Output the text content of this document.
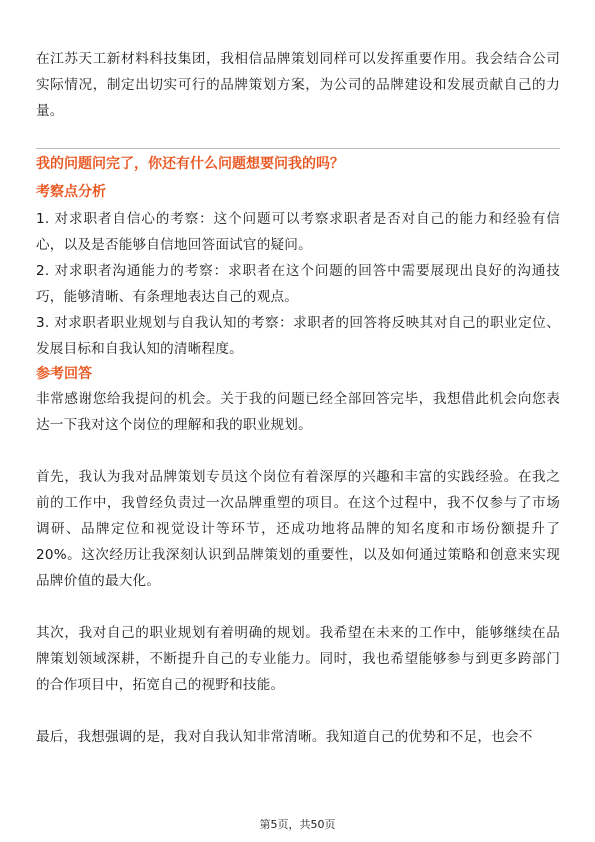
在江苏天工新材料科技集团，我相信品牌策划同样可以发挥重要作用。我会结合公司实际情况，制定出切实可行的品牌策划方案，为公司的品牌建设和发展贡献自己的力量。

我的问题问完了，你还有什么问题想要问我的吗？

考察点分析

1. 对求职者自信心的考察：这个问题可以考察求职者是否对自己的能力和经验有信心，以及是否能够自信地回答面试官的疑问。

2. 对求职者沟通能力的考察：求职者在这个问题的回答中需要展现出良好的沟通技巧，能够清晰、有条理地表达自己的观点。

3. 对求职者职业规划与自我认知的考察：求职者的回答将反映其对自己的职业定位、发展目标和自我认知的清晰程度。

参考回答

非常感谢您给我提问的机会。关于我的问题已经全部回答完毕，我想借此机会向您表达一下我对这个岗位的理解和我的职业规划。

首先，我认为我对品牌策划专员这个岗位有着深厚的兴趣和丰富的实践经验。在我之前的工作中，我曾经负责过一次品牌重塑的项目。在这个过程中，我不仅参与了市场调研、品牌定位和视觉设计等环节，还成功地将品牌的知名度和市场份额提升了20%。这次经历让我深刻认识到品牌策划的重要性，以及如何通过策略和创意来实现品牌价值的最大化。

其次，我对自己的职业规划有着明确的规划。我希望在未来的工作中，能够继续在品牌策划领域深耕，不断提升自己的专业能力。同时，我也希望能够参与到更多跨部门的合作项目中，拓宽自己的视野和技能。

最后，我想强调的是，我对自我认知非常清晰。我知道自己的优势和不足，也会不

第5页，共50页
